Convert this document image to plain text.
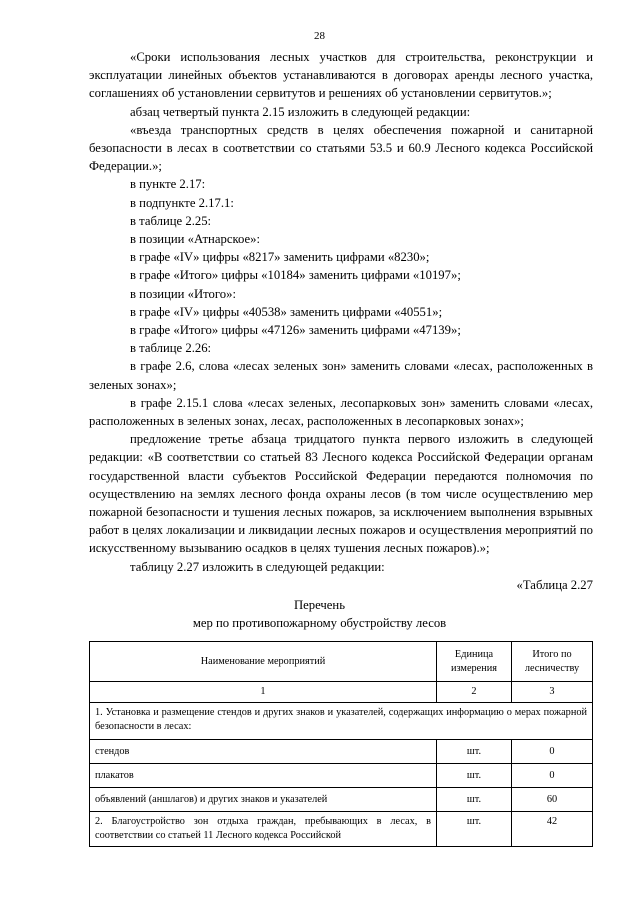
28

«Сроки использования лесных участков для строительства, реконструкции и эксплуатации линейных объектов устанавливаются в договорах аренды лесного участка, соглашениях об установлении сервитутов и решениях об установлении сервитутов.»;

абзац четвертый пункта 2.15 изложить в следующей редакции:

«въезда транспортных средств в целях обеспечения пожарной и санитарной безопасности в лесах в соответствии со статьями 53.5 и 60.9 Лесного кодекса Российской Федерации.»;

в пункте 2.17:

в подпункте 2.17.1:

в таблице 2.25:

в позиции «Атнарское»:

в графе «IV» цифры «8217» заменить цифрами «8230»;

в графе «Итого» цифры «10184» заменить цифрами «10197»;

в позиции «Итого»:

в графе «IV» цифры «40538» заменить цифрами «40551»;

в графе «Итого» цифры «47126» заменить цифрами «47139»;

в таблице 2.26:

в графе 2.6, слова «лесах зеленых зон» заменить словами «лесах, расположенных в зеленых зонах»;

в графе 2.15.1 слова «лесах зеленых, лесопарковых зон» заменить словами «лесах, расположенных в зеленых зонах, лесах, расположенных в лесопарковых зонах»;

предложение третье абзаца тридцатого пункта первого изложить в следующей редакции: «В соответствии со статьей 83 Лесного кодекса Российской Федерации органам государственной власти субъектов Российской Федерации передаются полномочия по осуществлению на землях лесного фонда охраны лесов (в том числе осуществлению мер пожарной безопасности и тушения лесных пожаров, за исключением выполнения взрывных работ в целях локализации и ликвидации лесных пожаров и осуществления мероприятий по искусственному вызыванию осадков в целях тушения лесных пожаров).»;

таблицу 2.27 изложить в следующей редакции:

«Таблица 2.27

Перечень
мер по противопожарному обустройству лесов
Наименование мероприятий	Единица измерения	Итого по лесничеству
1	2	3
1. Установка и размещение стендов и других знаков и указателей, содержащих информацию о мерах пожарной безопасности в лесах:		
стендов	шт.	0
плакатов	шт.	0
объявлений (аншлагов) и других знаков и указателей	шт.	60
2. Благоустройство зон отдыха граждан, пребывающих в лесах, в соответствии со статьей 11 Лесного кодекса Российской	шт.	42
